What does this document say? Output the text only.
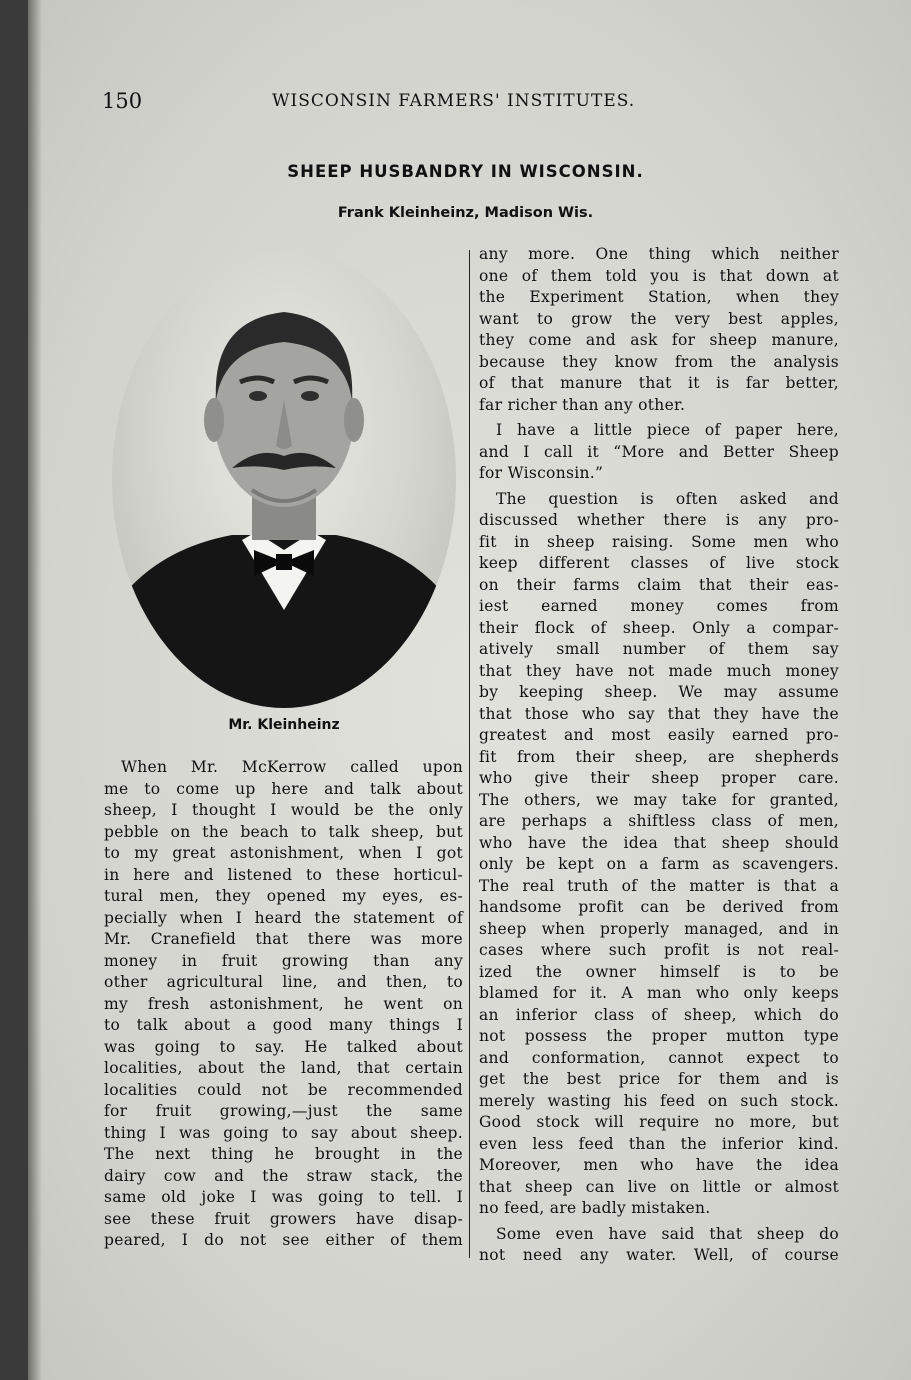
150	WISCONSIN FARMERS' INSTITUTES.
SHEEP HUSBANDRY IN WISCONSIN.
Frank Kleinheinz, Madison Wis.
Mr. Kleinheinz
When Mr. McKerrow called upon
me to come up here and talk about
sheep, I thought I would be the only
pebble on the beach to talk sheep, but
to my great astonishment, when I got
in here and listened to these horticul-
tural men, they opened my eyes, es-
pecially when I heard the statement of
Mr. Cranefield that there was more
money in fruit growing than any
other agricultural line, and then, to
my fresh astonishment, he went on
to talk about a good many things I
was going to say. He talked about
localities, about the land, that certain
localities could not be recommended
for fruit growing,—just the same
thing I was going to say about sheep.
The next thing he brought in the
dairy cow and the straw stack, the
same old joke I was going to tell. I
see these fruit growers have disap-
peared, I do not see either of them
any more. One thing which neither
one of them told you is that down at
the Experiment Station, when they
want to grow the very best apples,
they come and ask for sheep manure,
because they know from the analysis
of that manure that it is far better,
far richer than any other.
I have a little piece of paper here,
and I call it “More and Better Sheep
for Wisconsin.”
The question is often asked and
discussed whether there is any pro-
fit in sheep raising. Some men who
keep different classes of live stock
on their farms claim that their eas-
iest earned money comes from
their flock of sheep. Only a compar-
atively small number of them say
that they have not made much money
by keeping sheep. We may assume
that those who say that they have the
greatest and most easily earned pro-
fit from their sheep, are shepherds
who give their sheep proper care.
The others, we may take for granted,
are perhaps a shiftless class of men,
who have the idea that sheep should
only be kept on a farm as scavengers.
The real truth of the matter is that a
handsome profit can be derived from
sheep when properly managed, and in
cases where such profit is not real-
ized the owner himself is to be
blamed for it. A man who only keeps
an inferior class of sheep, which do
not possess the proper mutton type
and conformation, cannot expect to
get the best price for them and is
merely wasting his feed on such stock.
Good stock will require no more, but
even less feed than the inferior kind.
Moreover, men who have the idea
that sheep can live on little or almost
no feed, are badly mistaken.
Some even have said that sheep do
not need any water. Well, of course
